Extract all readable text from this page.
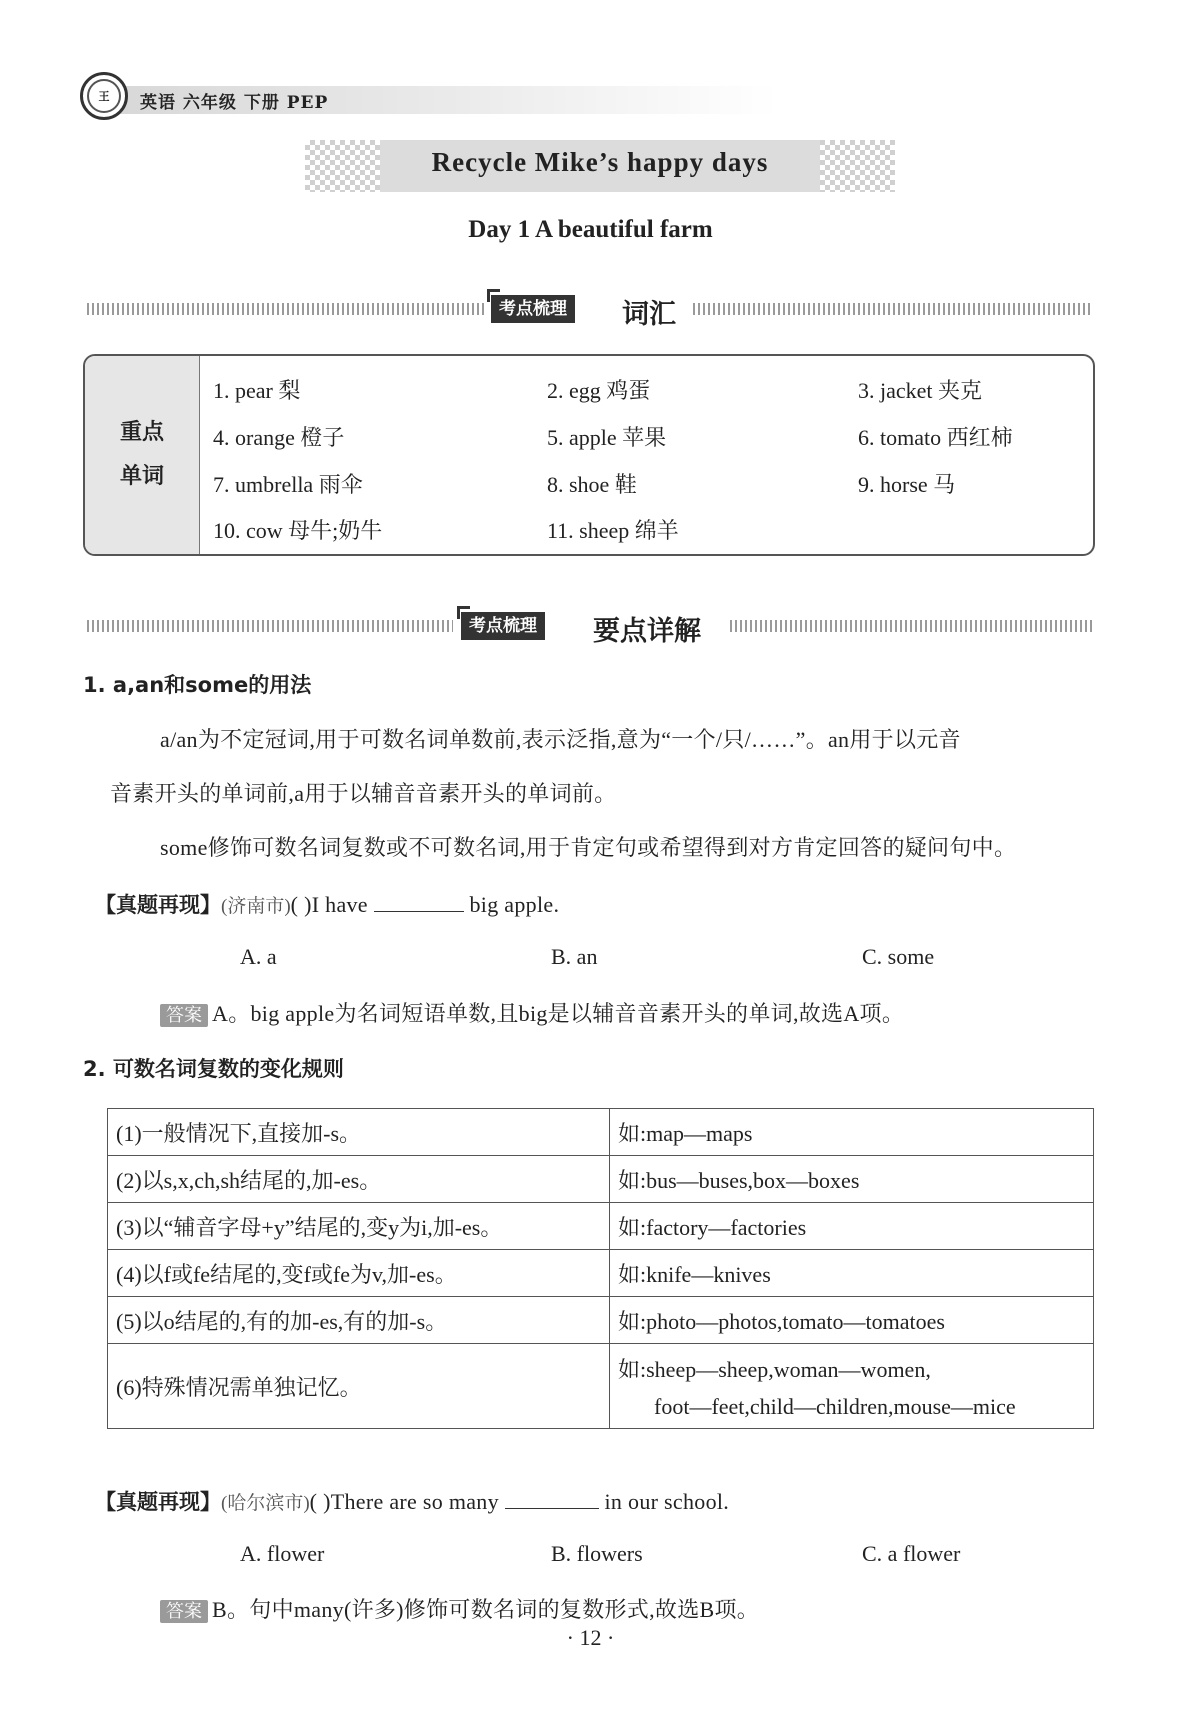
王	英语 六年级 下册 PEP
Recycle Mike’s happy days
Day 1 A beautiful farm
考点梳理 词汇
重点
单词
1. pear 梨	2. egg 鸡蛋	3. jacket 夹克
4. orange 橙子	5. apple 苹果	6. tomato 西红柿
7. umbrella 雨伞	8. shoe 鞋	9. horse 马
10. cow 母牛;奶牛	11. sheep 绵羊
考点梳理 要点详解
1. a,an和some的用法
a/an为不定冠词,用于可数名词单数前,表示泛指,意为“一个/只/……”。an用于以元音
音素开头的单词前,a用于以辅音音素开头的单词前。
some修饰可数名词复数或不可数名词,用于肯定句或希望得到对方肯定回答的疑问句中。
【真题再现】(济南市)( )I have	big apple.
A. a	B. an	C. some
答案 A。big apple为名词短语单数,且big是以辅音音素开头的单词,故选A项。
2. 可数名词复数的变化规则
(1)一般情况下,直接加-s。	如:map—maps
(2)以s,x,ch,sh结尾的,加-es。	如:bus—buses,box—boxes
(3)以“辅音字母+y”结尾的,变y为i,加-es。	如:factory—factories
(4)以f或fe结尾的,变f或fe为v,加-es。	如:knife—knives
(5)以o结尾的,有的加-es,有的加-s。	如:photo—photos,tomato—tomatoes
(6)特殊情况需单独记忆。	如:sheep—sheep,woman—women,
foot—feet,child—children,mouse—mice
【真题再现】(哈尔滨市)( )There are so many	in our school.
A. flower	B. flowers	C. a flower
答案 B。句中many(许多)修饰可数名词的复数形式,故选B项。
· 12 ·
